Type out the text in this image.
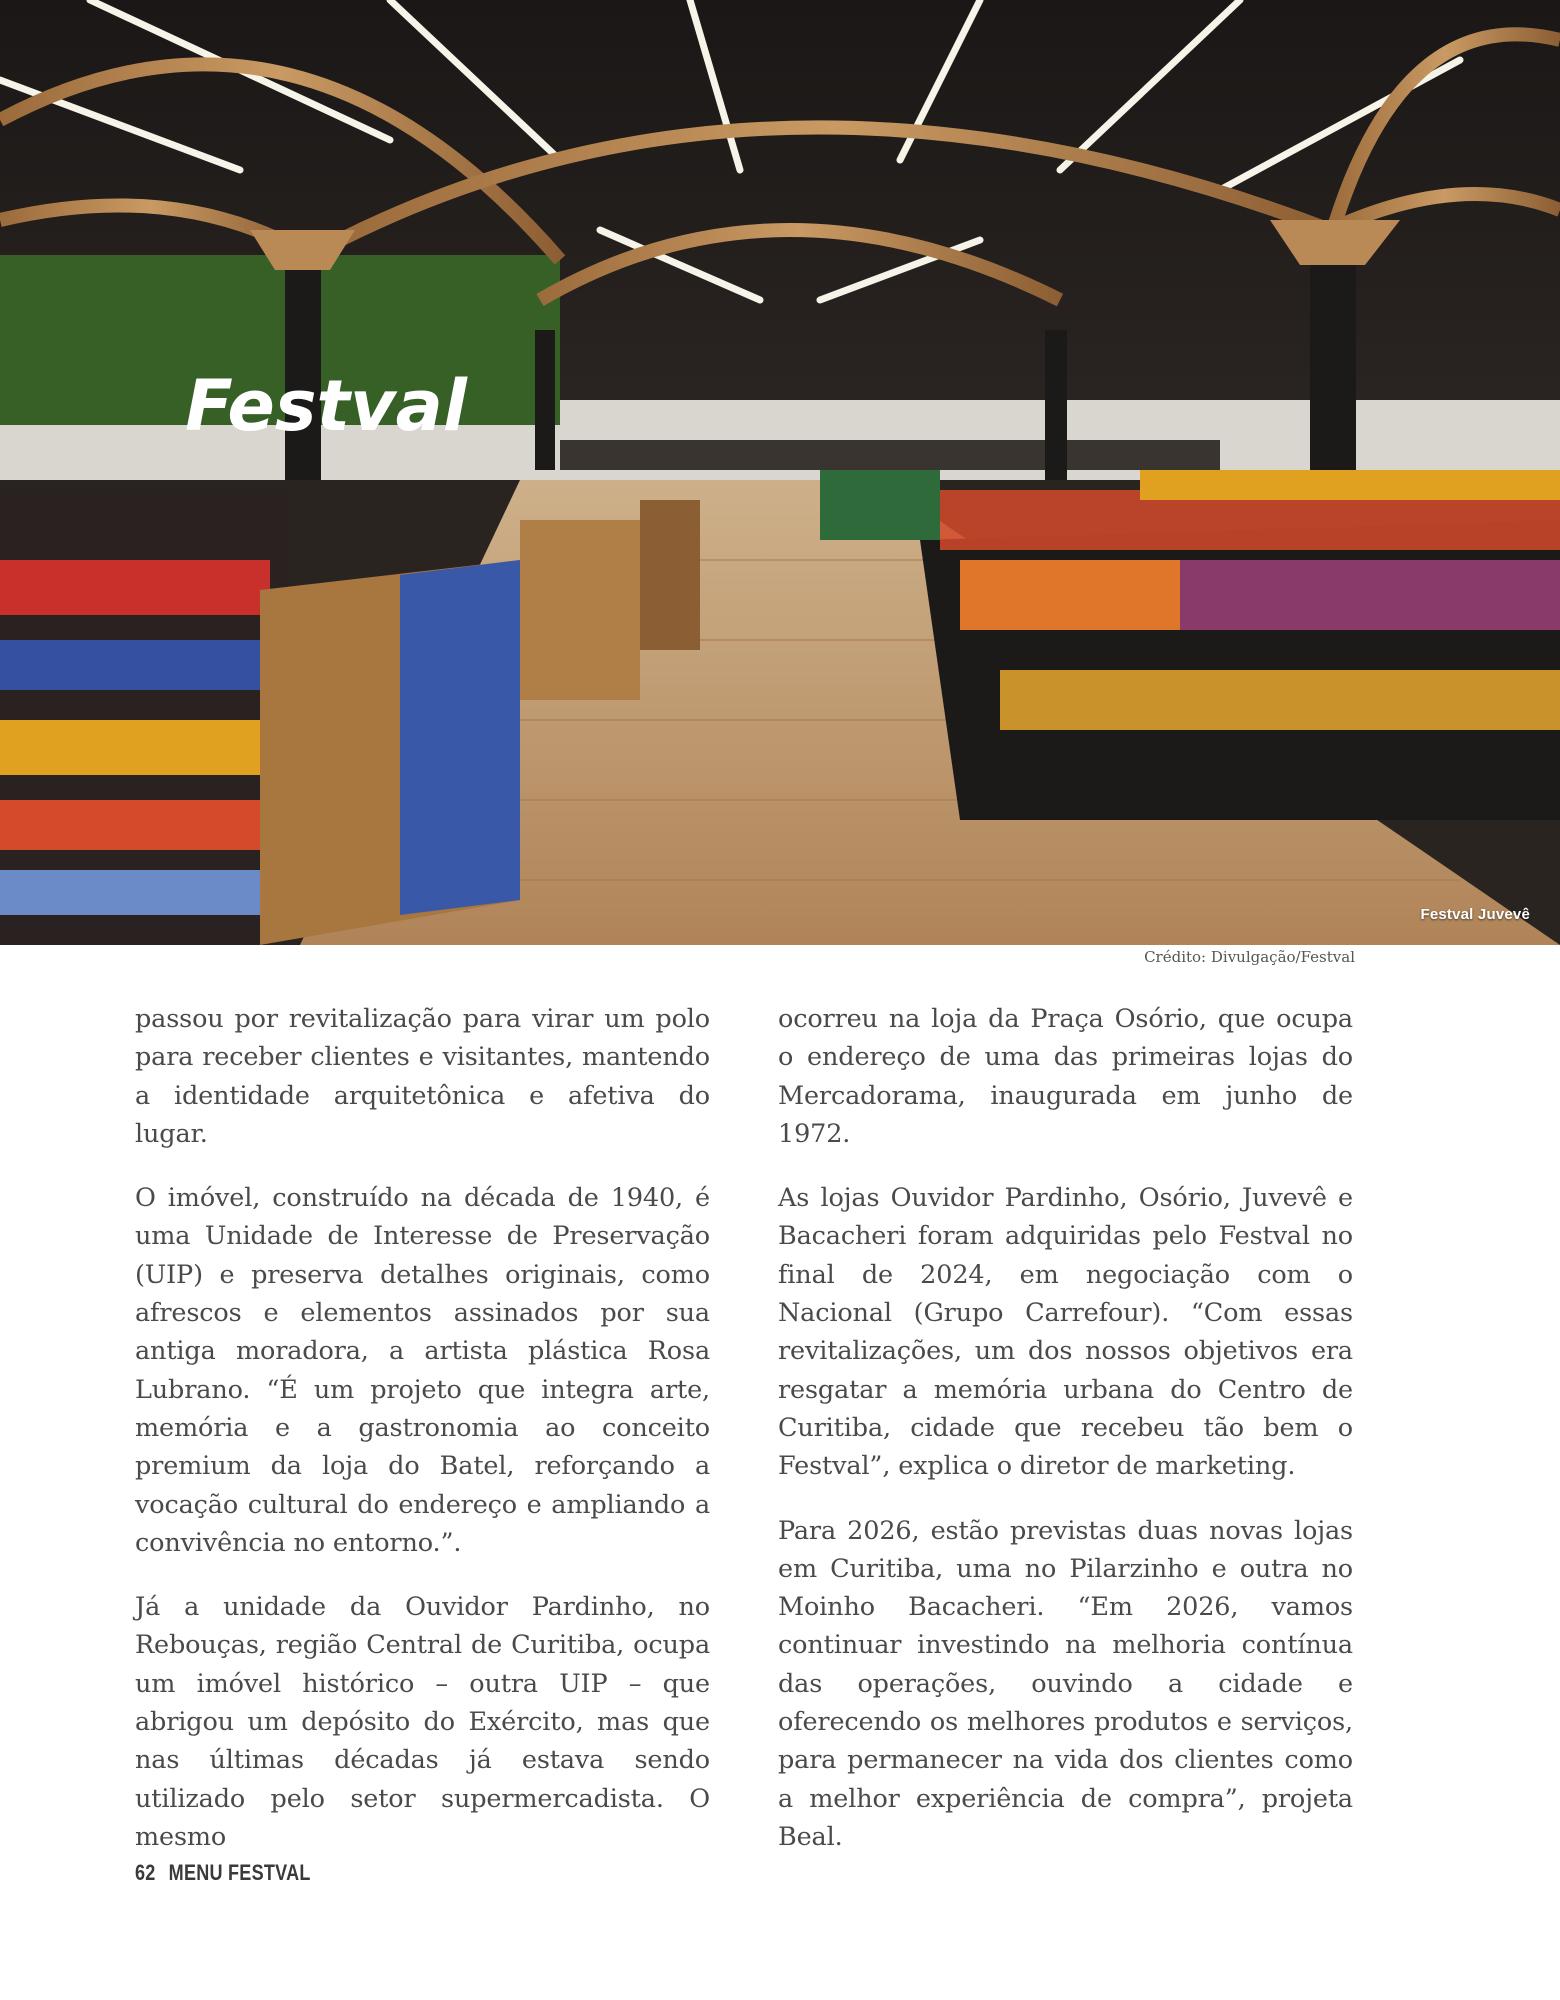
Festval
Festval Juvevê
Crédito: Divulgação/Festval

passou por revitalização para virar um polo para receber clientes e visitantes, mantendo a identidade arquitetônica e afetiva do lugar.

O imóvel, construído na década de 1940, é uma Unidade de Interesse de Preservação (UIP) e preserva detalhes originais, como afrescos e elementos assinados por sua antiga moradora, a artista plástica Rosa Lubrano. “É um projeto que integra arte, memória e a gastronomia ao conceito premium da loja do Batel, reforçando a vocação cultural do endereço e ampliando a convivência no entorno.”.

Já a unidade da Ouvidor Pardinho, no Rebouças, região Central de Curitiba, ocupa um imóvel histórico – outra UIP – que abrigou um depósito do Exército, mas que nas últimas décadas já estava sendo utilizado pelo setor supermercadista. O mesmo

ocorreu na loja da Praça Osório, que ocupa o endereço de uma das primeiras lojas do Mercadorama, inaugurada em junho de 1972.

As lojas Ouvidor Pardinho, Osório, Juvevê e Bacacheri foram adquiridas pelo Festval no final de 2024, em negociação com o Nacional (Grupo Carrefour). “Com essas revitalizações, um dos nossos objetivos era resgatar a memória urbana do Centro de Curitiba, cidade que recebeu tão bem o Festval”, explica o diretor de marketing.

Para 2026, estão previstas duas novas lojas em Curitiba, uma no Pilarzinho e outra no Moinho Bacacheri. “Em 2026, vamos continuar investindo na melhoria contínua das operações, ouvindo a cidade e oferecendo os melhores produtos e serviços, para permanecer na vida dos clientes como a melhor experiência de compra”, projeta Beal.

62 MENU FESTVAL
